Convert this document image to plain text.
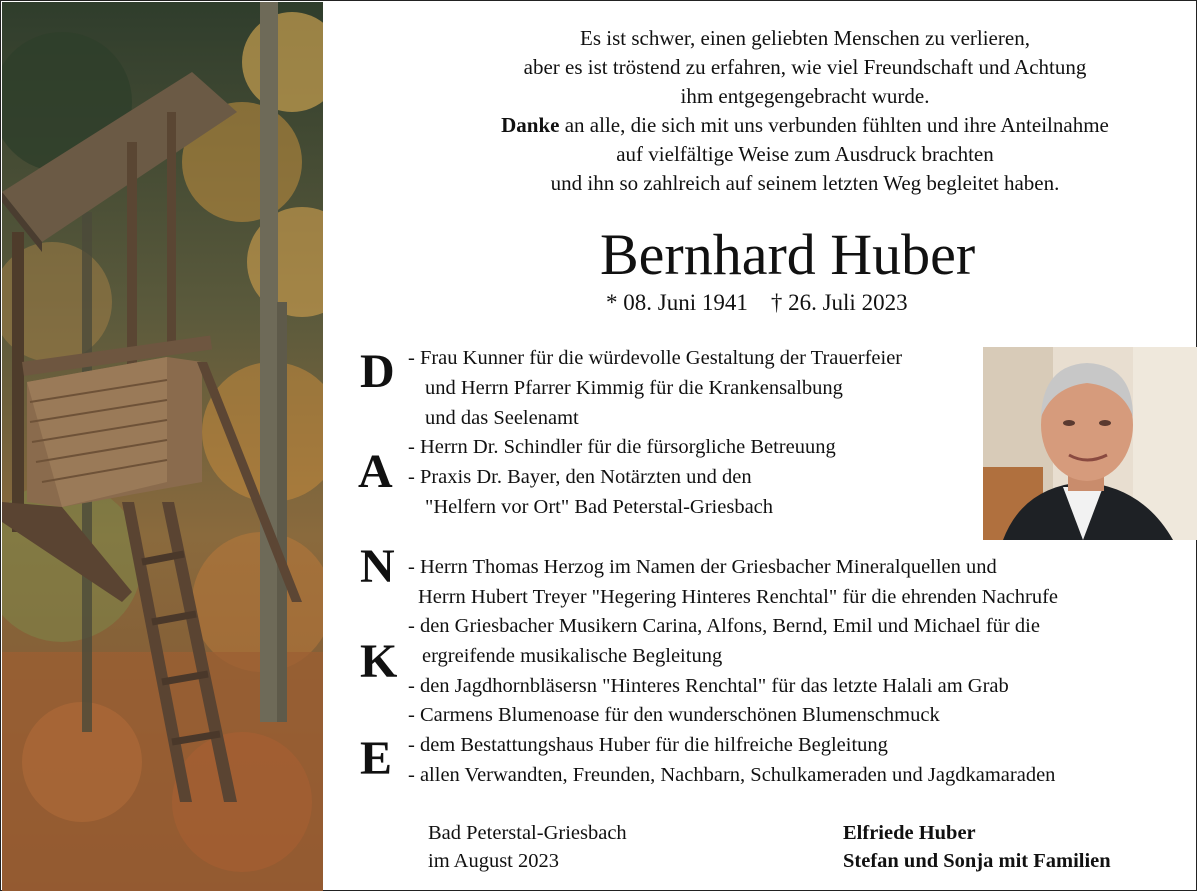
Es ist schwer, einen geliebten Menschen zu verlieren,
aber es ist tröstend zu erfahren, wie viel Freundschaft und Achtung
ihm entgegengebracht wurde.
Danke an alle, die sich mit uns verbunden fühlten und ihre Anteilnahme
auf vielfältige Weise zum Ausdruck brachten
und ihn so zahlreich auf seinem letzten Weg begleitet haben.
Bernhard Huber
* 08. Juni 1941    † 26. Juli 2023
D
A
N
K
E
- Frau Kunner für die würdevolle Gestaltung der Trauerfeier
und Herrn Pfarrer Kimmig für die Krankensalbung
und das Seelenamt
- Herrn Dr. Schindler für die fürsorgliche Betreuung
- Praxis Dr. Bayer, den Notärzten und den
"Helfern vor Ort" Bad Peterstal-Griesbach
- Herrn Thomas Herzog im Namen der Griesbacher Mineralquellen und
Herrn Hubert Treyer "Hegering Hinteres Renchtal" für die ehrenden Nachrufe
- den Griesbacher Musikern Carina, Alfons, Bernd, Emil und Michael für die
ergreifende musikalische Begleitung
- den Jagdhornbläsersn "Hinteres Renchtal" für das letzte Halali am Grab
- Carmens Blumenoase für den wunderschönen Blumenschmuck
- dem Bestattungshaus Huber für die hilfreiche Begleitung
- allen Verwandten, Freunden, Nachbarn, Schulkameraden und Jagdkamaraden
Bad Peterstal-Griesbach
im August 2023
Elfriede Huber
Stefan und Sonja mit Familien
